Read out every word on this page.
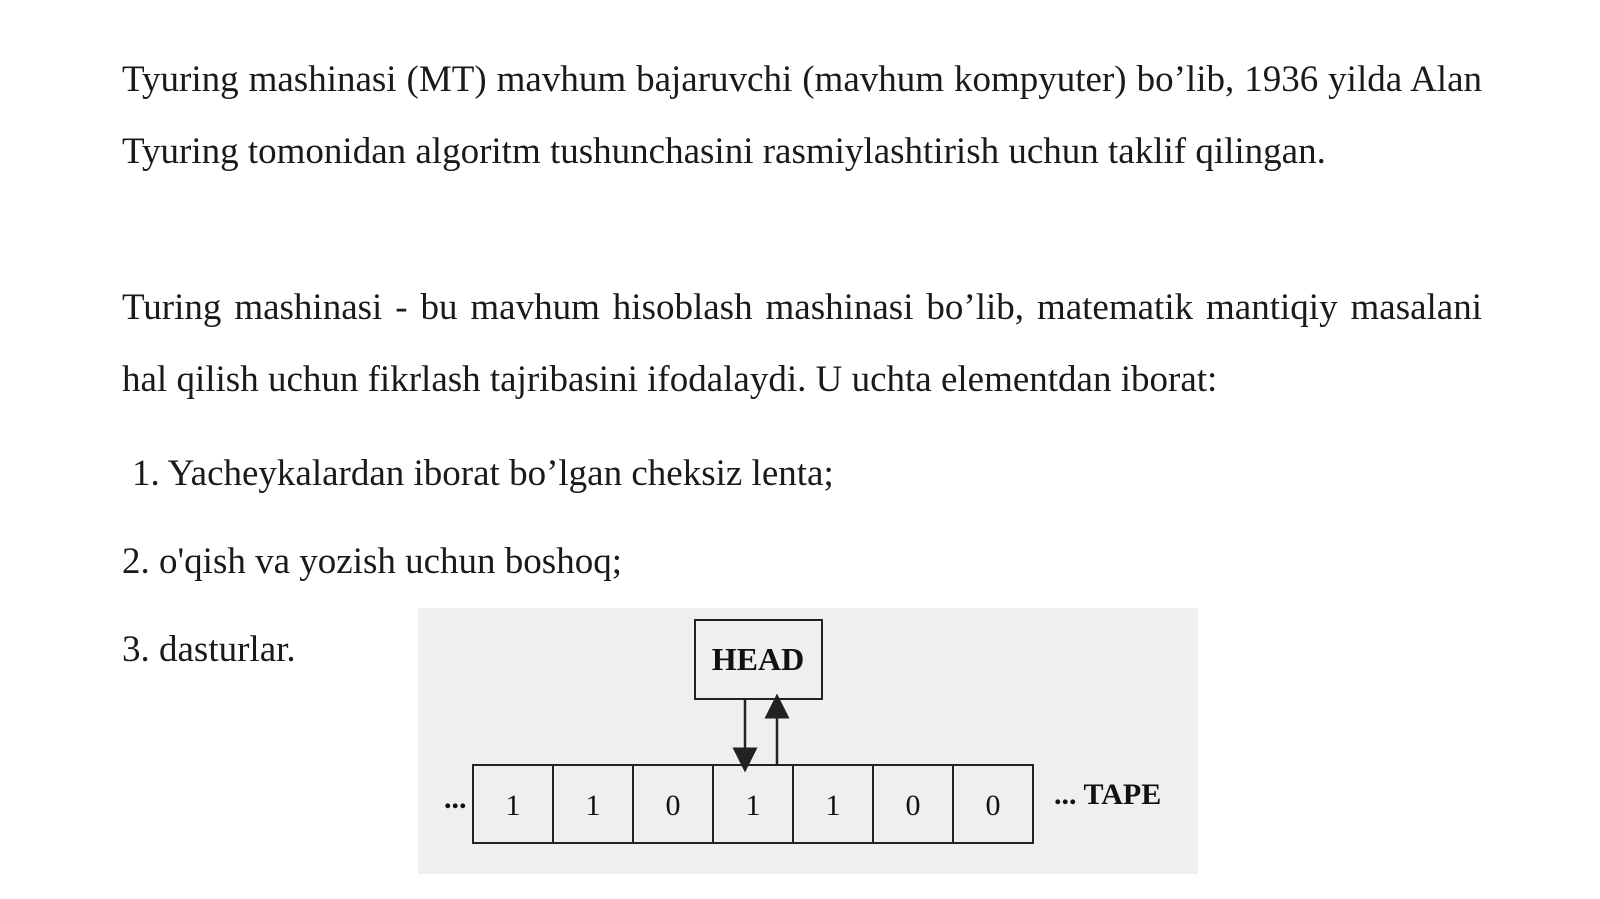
Tyuring mashinasi (MT) mavhum bajaruvchi (mavhum kompyuter) bo’lib, 1936 yilda Alan Tyuring tomonidan algoritm tushunchasini rasmiylashtirish uchun taklif qilingan.

Turing mashinasi - bu mavhum hisoblash mashinasi bo’lib, matematik mantiqiy masalani hal qilish uchun fikrlash tajribasini ifodalaydi. U uchta elementdan iborat:

1. Yacheykalardan iborat bo’lgan cheksiz lenta;

2. o'qish va yozish uchun boshoq;

3. dasturlar.	HEAD
... 1 1 0 1 1 0 0 ... TAPE
